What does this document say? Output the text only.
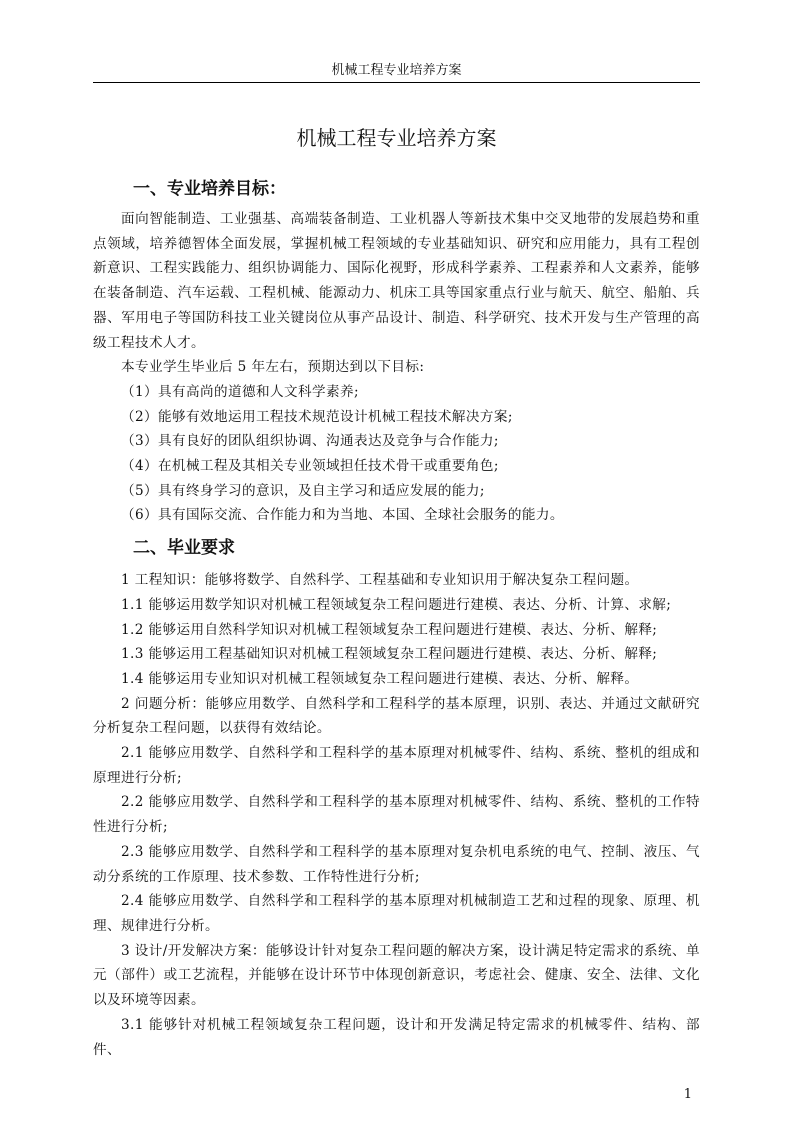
机械工程专业培养方案
机械工程专业培养方案
一、专业培养目标：

面向智能制造、工业强基、高端装备制造、工业机器人等新技术集中交叉地带的发展趋势和重点领域，培养德智体全面发展，掌握机械工程领域的专业基础知识、研究和应用能力，具有工程创新意识、工程实践能力、组织协调能力、国际化视野，形成科学素养、工程素养和人文素养，能够在装备制造、汽车运载、工程机械、能源动力、机床工具等国家重点行业与航天、航空、船舶、兵器、军用电子等国防科技工业关键岗位从事产品设计、制造、科学研究、技术开发与生产管理的高级工程技术人才。

本专业学生毕业后 5 年左右，预期达到以下目标:

（1）具有高尚的道德和人文科学素养;

（2）能够有效地运用工程技术规范设计机械工程技术解决方案;

（3）具有良好的团队组织协调、沟通表达及竞争与合作能力;

（4）在机械工程及其相关专业领域担任技术骨干或重要角色;

（5）具有终身学习的意识，及自主学习和适应发展的能力;

（6）具有国际交流、合作能力和为当地、本国、全球社会服务的能力。

二、毕业要求

1 工程知识：能够将数学、自然科学、工程基础和专业知识用于解决复杂工程问题。

1.1 能够运用数学知识对机械工程领域复杂工程问题进行建模、表达、分析、计算、求解;

1.2 能够运用自然科学知识对机械工程领域复杂工程问题进行建模、表达、分析、解释;

1.3 能够运用工程基础知识对机械工程领域复杂工程问题进行建模、表达、分析、解释;

1.4 能够运用专业知识对机械工程领域复杂工程问题进行建模、表达、分析、解释。

2 问题分析：能够应用数学、自然科学和工程科学的基本原理，识别、表达、并通过文献研究分析复杂工程问题，以获得有效结论。

2.1 能够应用数学、自然科学和工程科学的基本原理对机械零件、结构、系统、整机的组成和原理进行分析;

2.2 能够应用数学、自然科学和工程科学的基本原理对机械零件、结构、系统、整机的工作特性进行分析;

2.3 能够应用数学、自然科学和工程科学的基本原理对复杂机电系统的电气、控制、液压、气动分系统的工作原理、技术参数、工作特性进行分析;

2.4 能够应用数学、自然科学和工程科学的基本原理对机械制造工艺和过程的现象、原理、机理、规律进行分析。

3 设计/开发解决方案：能够设计针对复杂工程问题的解决方案，设计满足特定需求的系统、单元（部件）或工艺流程，并能够在设计环节中体现创新意识，考虑社会、健康、安全、法律、文化以及环境等因素。

3.1 能够针对机械工程领域复杂工程问题，设计和开发满足特定需求的机械零件、结构、部件、

1
